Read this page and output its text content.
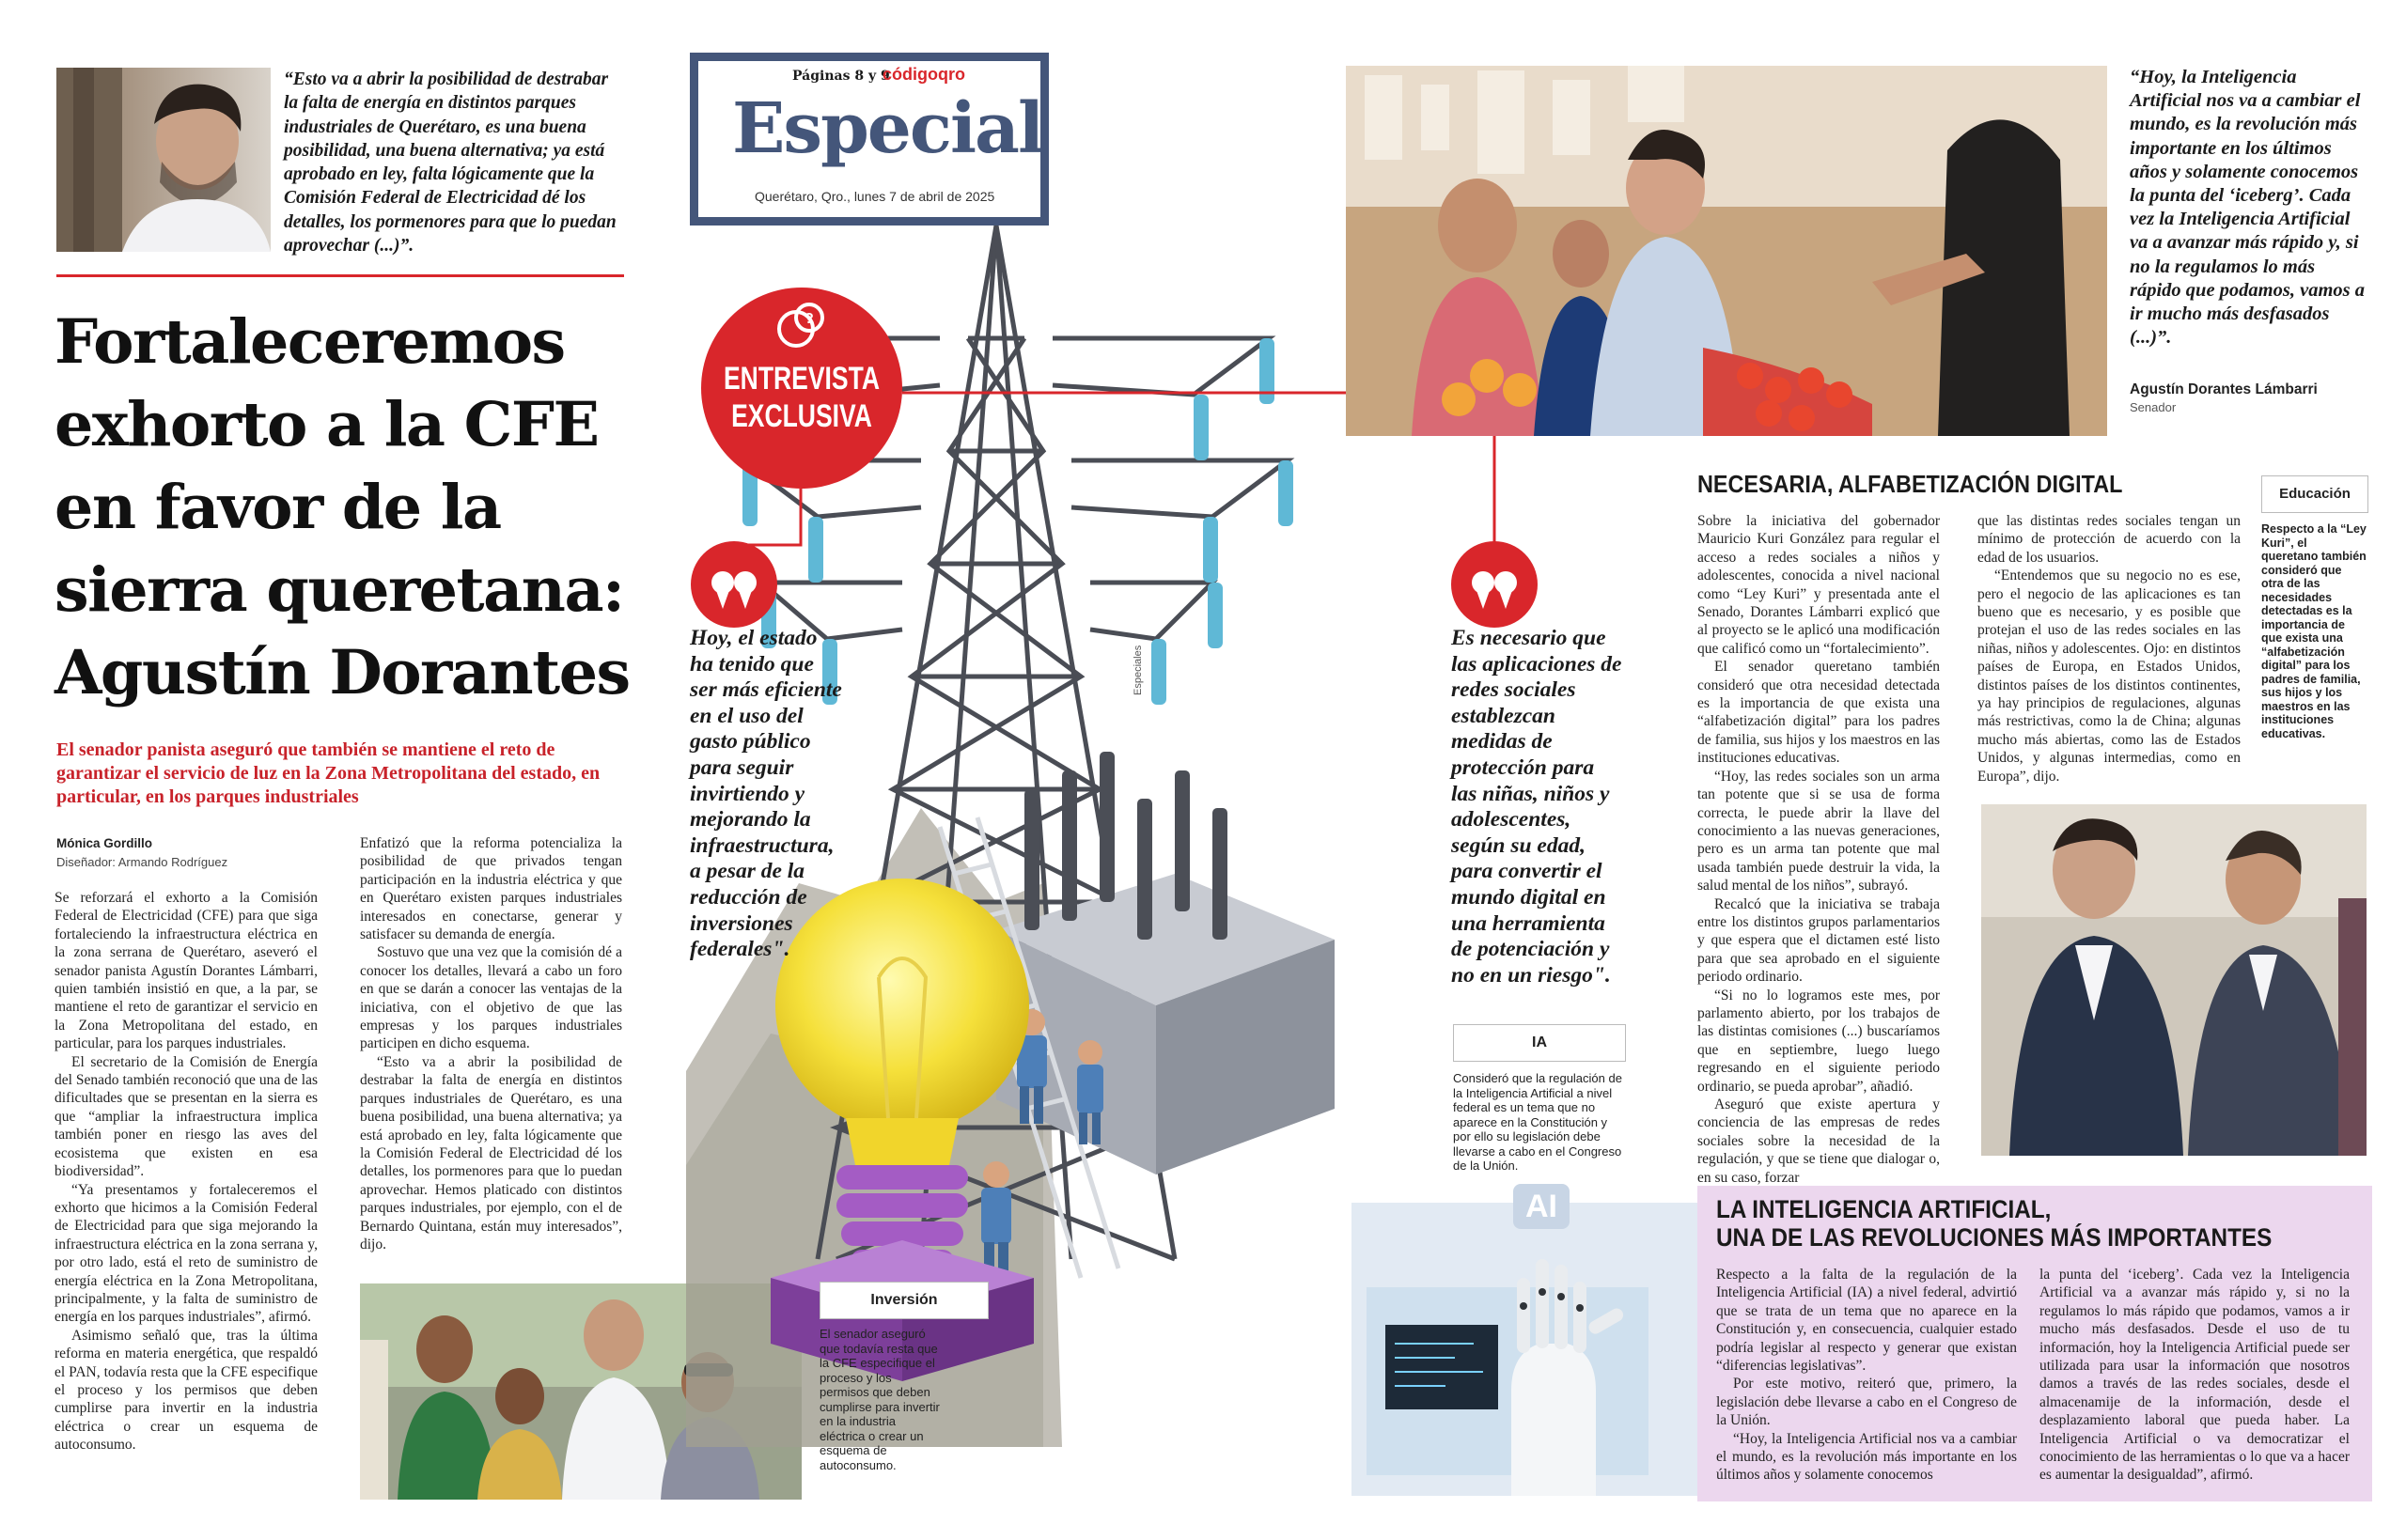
“Esto va a abrir la posibilidad de destrabar la falta de energía en distintos parques industriales de Querétaro, es una buena posibilidad, una buena alternativa; ya está aprobado en ley, falta lógicamente que la Comisión Federal de Electricidad dé los detalles, los pormenores para que lo puedan aprovechar (...)”.
Fortaleceremos exhorto a la CFE en favor de la sierra queretana: Agustín Dorantes
El senador panista aseguró que también se mantiene el reto de garantizar el servicio de luz en la Zona Metropolitana del estado, en particular, en los parques industriales
Mónica Gordillo
Diseñador: Armando Rodríguez

Se reforzará el exhorto a la Comisión Federal de Electricidad (CFE) para que siga fortaleciendo la infraestructura eléctrica en la zona serrana de Querétaro, aseveró el senador panista Agustín Dorantes Lámbarri, quien también insistió en que, a la par, se mantiene el reto de garantizar el servicio en la Zona Metropolitana del estado, en particular, para los parques industriales.

El secretario de la Comisión de Energía del Senado también reconoció que una de las dificultades que se presentan en la sierra es que “ampliar la infraestructura implica también poner en riesgo las aves del ecosistema que existen en esa biodiversidad”.

“Ya presentamos y fortaleceremos el exhorto que hicimos a la Comisión Federal de Electricidad para que siga mejorando la infraestructura eléctrica en la zona serrana y, por otro lado, está el reto de suministro de energía eléctrica en la Zona Metropolitana, principalmente, y la falta de suministro de energía en los parques industriales”, afirmó.

Asimismo señaló que, tras la última reforma en materia energética, que respaldó el PAN, todavía resta que la CFE especifique el proceso y los permisos que deben cumplirse para invertir en la industria eléctrica o crear un esquema de autoconsumo.

Enfatizó que la reforma potencializa la posibilidad de que privados tengan participación en la industria eléctrica y que en Querétaro existen parques industriales interesados en conectarse, generar y satisfacer su demanda de energía.

Sostuvo que una vez que la comisión dé a conocer los detalles, llevará a cabo un foro en que se darán a conocer las ventajas de la iniciativa, con el objetivo de que las empresas y los parques industriales participen en dicho esquema.

“Esto va a abrir la posibilidad de destrabar la falta de energía en distintos parques industriales de Querétaro, es una buena posibilidad, una buena alternativa; ya está aprobado en ley, falta lógicamente que la Comisión Federal de Electricidad dé los detalles, los pormenores para que lo puedan aprovechar. Hemos platicado con distintos parques industriales, por ejemplo, con el de Bernardo Quintana, están muy interesados”, dijo.

Páginas 8 y 9
códigoqro
Especial
Querétaro, Qro., lunes 7 de abril de 2025
?
ENTREVISTA
EXCLUSIVA
Hoy, el estado ha tenido que ser más eficiente en el uso del gasto público para seguir invirtiendo y mejorando la infraestructura, a pesar de la reducción de inversiones federales".
Es necesario que las aplicaciones de redes sociales establezcan medidas de protección para las niñas, niños y adolescentes, según su edad, para convertir el mundo digital en una herramienta de potenciación y no en un riesgo".
Especiales
Inversión
El senador aseguró que todavía resta que la CFE especifique el proceso y los permisos que deben cumplirse para invertir en la industria eléctrica o crear un esquema de autoconsumo.
IA
Consideró que la regulación de la Inteligencia Artificial a nivel federal es un tema que no aparece en la Constitución y por ello su legislación debe llevarse a cabo en el Congreso de la Unión.
AI
“Hoy, la Inteligencia Artificial nos va a cambiar el mundo, es la revolución más importante en los últimos años y solamente conocemos la punta del ‘iceberg’. Cada vez la Inteligencia Artificial va a avanzar más rápido y, si no la regulamos lo más rápido que podamos, vamos a ir mucho más desfasados (...)”.
Agustín Dorantes Lámbarri
Senador
NECESARIA, ALFABETIZACIÓN DIGITAL

Sobre la iniciativa del gobernador Mauricio Kuri González para regular el acceso a redes sociales a niños y adolescentes, conocida a nivel nacional como “Ley Kuri” y presentada ante el Senado, Dorantes Lámbarri explicó que al proyecto se le aplicó una modificación que calificó como un “fortalecimiento”.

El senador queretano también consideró que otra necesidad detectada es la importancia de que exista una “alfabetización digital” para los padres de familia, sus hijos y los maestros en las instituciones educativas.

“Hoy, las redes sociales son un arma tan potente que si se usa de forma correcta, le puede abrir la llave del conocimiento a las nuevas generaciones, pero es un arma tan potente que mal usada también puede destruir la vida, la salud mental de los niños”, subrayó.

Recalcó que la iniciativa se trabaja entre los distintos grupos parlamentarios y que espera que el dictamen esté listo para que sea aprobado en el siguiente periodo ordinario.

“Si no lo logramos este mes, por parlamento abierto, por los trabajos de las distintas comisiones (...) buscaríamos que en septiembre, luego luego regresando en el siguiente periodo ordinario, se pueda aprobar”, añadió.

Aseguró que existe apertura y conciencia de las empresas de redes sociales sobre la necesidad de la regulación, y que se tiene que dialogar o, en su caso, forzar

que las distintas redes sociales tengan un mínimo de protección de acuerdo con la edad de los usuarios.

“Entendemos que su negocio no es ese, pero el negocio de las aplicaciones es tan bueno que es necesario, y es posible que protejan el uso de las redes sociales en las niñas, niños y adolescentes. Ojo: en distintos países de Europa, en Estados Unidos, distintos países de los distintos continentes, ya hay principios de regulaciones, algunas más restrictivas, como la de China; algunas mucho más abiertas, como las de Estados Unidos, y algunas intermedias, como en Europa”, dijo.

Educación
Respecto a la “Ley Kuri”, el queretano también consideró que otra de las necesidades detectadas es la importancia de que exista una “alfabetización digital” para los padres de familia, sus hijos y los maestros en las instituciones educativas.
LA INTELIGENCIA ARTIFICIAL,
UNA DE LAS REVOLUCIONES MÁS IMPORTANTES

Respecto a la falta de la regulación de la Inteligencia Artificial (IA) a nivel federal, advirtió que se trata de un tema que no aparece en la Constitución y, en consecuencia, cualquier estado podría legislar al respecto y generar que existan “diferencias legislativas”.

Por este motivo, reiteró que, primero, la legislación debe llevarse a cabo en el Congreso de la Unión.

“Hoy, la Inteligencia Artificial nos va a cambiar el mundo, es la revolución más importante en los últimos años y solamente conocemos

la punta del ‘iceberg’. Cada vez la Inteligencia Artificial va a avanzar más rápido y, si no la regulamos lo más rápido que podamos, vamos a ir mucho más desfasados. Desde el uso de tu información, hoy la Inteligencia Artificial puede ser utilizada para usar la información que nosotros damos a través de las redes sociales, desde el almacenamije de la información, desde el desplazamiento laboral que pueda haber. La Inteligencia Artificial o va democratizar el conocimiento de las herramientas o lo que va a hacer es aumentar la desigualdad”, afirmó.
